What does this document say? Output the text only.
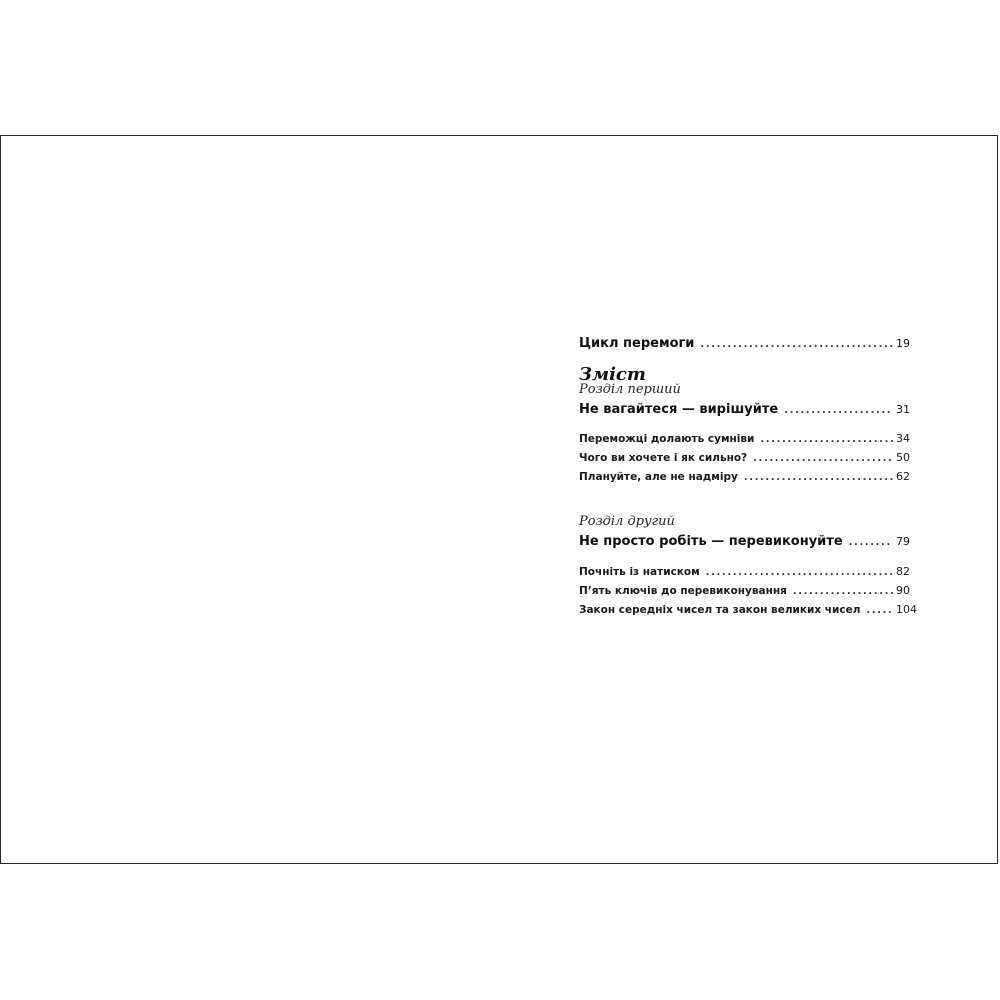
Зміст
Цикл перемоги .....	19

Розділ перший

Не вагайтеся — вирішуйте .....	31
Переможці долають сумніви .....	34
Чого ви хочете і як сильно? .....	50
Плануйте, але не надміру .....	62

Розділ другий

Не просто робіть — перевиконуйте .....	79
Почніть із натиском .....	82
П’ять ключів до перевиконування .....	90
Закон середніх чисел та закон великих чисел .....	104
